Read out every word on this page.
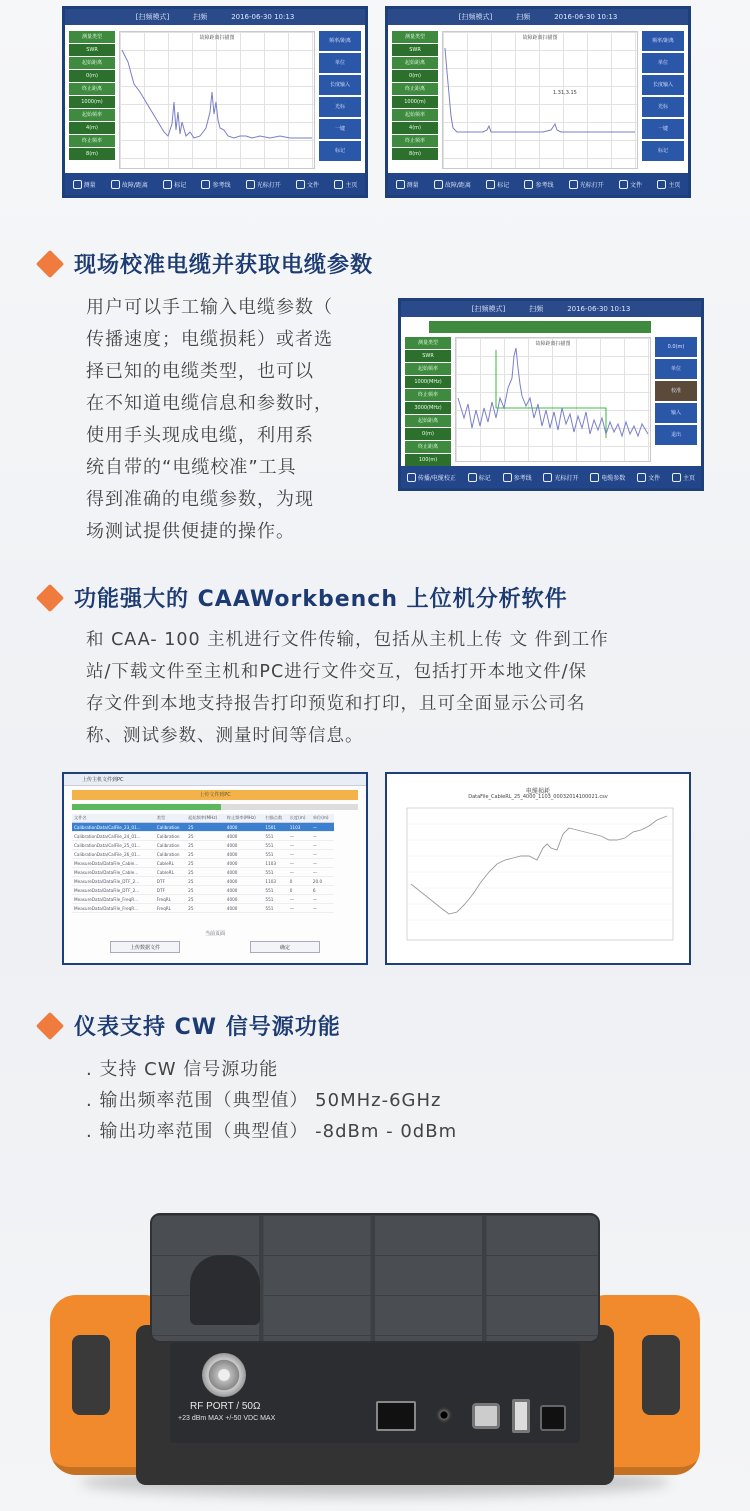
[扫频模式]	扫频	2016-06-30 10:13
测量类型
SWR
起始距离
0(m)
终止距离
1000(m)
起始频率
4(m)
终止频率
8(m)
故障距离扫描图	频率/距离
单位
长度输入
光标
一键
标记
测量	故障/距离	标记	参考线	光标打开	文件	主页
[扫频模式]	扫频	2016-06-30 10:13
测量类型
SWR
起始距离
0(m)
终止距离
1000(m)
起始频率
4(m)
终止频率
8(m)
故障距离扫描图
1.31,3.15
频率/距离
单位
长度输入
光标
一键
标记
测量	故障/距离	标记	参考线	光标打开	文件	主页
现场校准电缆并获取电缆参数
用户可以手工输入电缆参数（
传播速度；电缆损耗）或者选
择已知的电缆类型，也可以
在不知道电缆信息和参数时，
使用手头现成电缆，利用系
统自带的“电缆校准”工具
得到准确的电缆参数，为现
场测试提供便捷的操作。
[扫频模式]	扫频	2016-06-30 10:13
测量类型
SWR
起始频率
1000(MHz)
终止频率
3000(MHz)
起始距离
0(m)
终止距离
100(m)
故障距离扫描图	0.0(m)
单位
校准
输入
退出
传播/电缆校正	标记	参考线	光标打开	电缆参数	文件	主页
功能强大的 CAAWorkbench 上位机分析软件
和 CAA- 100 主机进行文件传输，包括从主机上传 文 件到工作
站/下载文件至主机和PC进行文件交互，包括打开本地文件/保
存文件到本地支持报告打印预览和打印，且可全面显示公司名
称、测试参数、测量时间等信息。
上传主机文件到PC
上传文件到PC
文件名	类型	起始频率(MHz)	终止频率(MHz)	扫描点数	长度(m)	单位(m)
CalibrationData/CalFile_23_01...	Calibration	25	4000	1501	1103	—
CalibrationData/CalFile_24_01...	Calibration	25	4000	551	—	—
CalibrationData/CalFile_25_01...	Calibration	25	4000	551	—	—
CalibrationData/CalFile_26_01...	Calibration	25	4000	551	—	—
MeasureData/DataFile_Cable...	CableRL	25	4000	1103	—	—
MeasureData/DataFile_Cable...	CableRL	25	4000	551	—	—
MeasureData/DataFile_DTF_2...	DTF	25	4000	1103	0	20.0
MeasureData/DataFile_DTF_2...	DTF	25	4000	551	0	6
MeasureData/DataFile_FreqR...	FreqRL	25	4000	551	—	—
MeasureData/DataFile_FreqR...	FreqRL	25	4000	551	—	—
当前页面
上传数据文件	确定
电缆损耗
DataFile_CableRL_25_4000_1103_00032014100021.csv
仪表支持 CW 信号源功能
. 支持 CW 信号源功能
. 输出频率范围（典型值） 50MHz-6GHz
. 输出功率范围（典型值） -8dBm - 0dBm
RF PORT / 50Ω
+23 dBm MAX +/-50 VDC MAX
